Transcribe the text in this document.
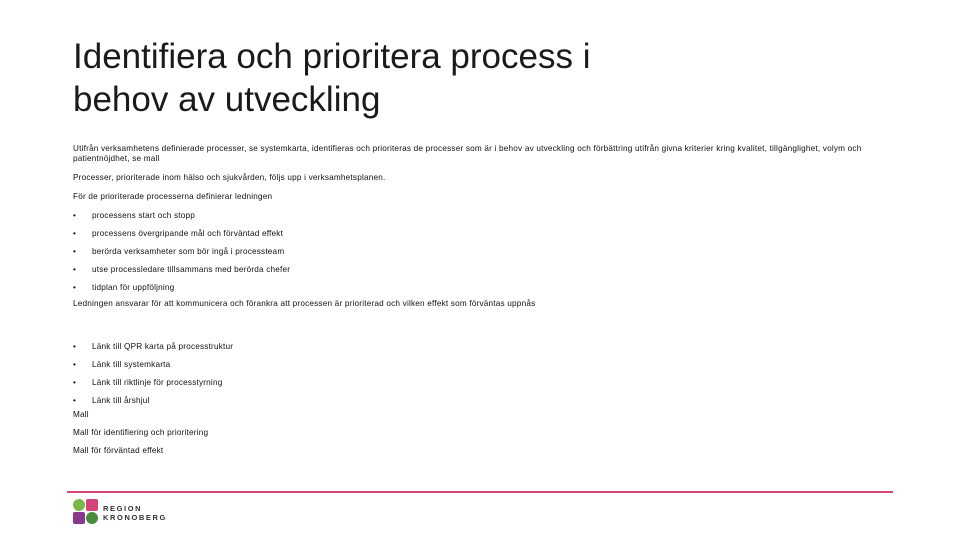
Identifiera och prioritera process i
behov av utveckling

Utifrån verksamhetens definierade processer, se systemkarta, identifieras och prioriteras de processer som är i behov av utveckling och förbättring utifrån givna kriterier kring kvalitet, tillgänglighet, volym och patientnöjdhet, se mall

Processer, prioriterade inom hälso och sjukvården, följs upp i verksamhetsplanen.

För de prioriterade processerna definierar ledningen

• processens start och stopp
• processens övergripande mål och förväntad effekt
• berörda verksamheter som bör ingå i processteam
• utse processledare tillsammans med berörda chefer
• tidplan för uppföljning

Ledningen ansvarar för att kommunicera och förankra att processen är prioriterad och vilken effekt som förväntas uppnås

• Länk till QPR karta på processtruktur
• Länk till systemkarta
• Länk till riktlinje för processtyrning
• Länk till årshjul

Mall

Mall för identifiering och prioritering

Mall för förväntad effekt

REGION
KRONOBERG
